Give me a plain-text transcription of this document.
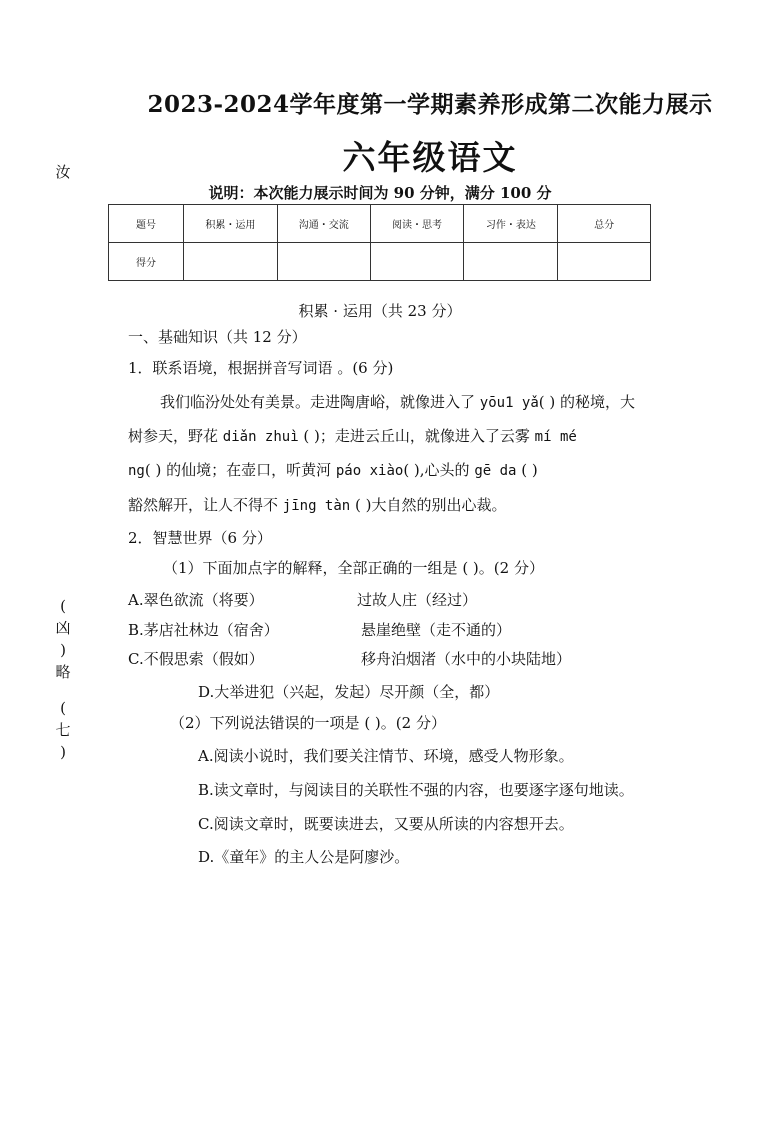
2023-2024学年度第一学期素养形成第二次能力展示
六年级语文
说明：本次能力展示时间为 90 分钟，满分 100 分
汝
(
凶
)
略
(
七
)
题号	积累・运用	沟通・交流	阅读・思考	习作・表达	总分
得分					
积累 · 运用（共 23 分）
一、基础知识（共 12 分）
1．联系语境，根据拼音写词语 。(6 分)
我们临汾处处有美景。走进陶唐峪，就像进入了 yōu1 yǎ( ) 的秘境，大
树参天，野花 diǎn zhuì ( )；走进云丘山，就像进入了云雾 mí mé
ng( ) 的仙境；在壶口，听黄河 páo xiào( ),心头的 gē da ( )
豁然解开，让人不得不 jīng tàn ( )大自然的别出心裁。
2．智慧世界（6 分）
（1）下面加点字的解释，全部正确的一组是 ( )。(2 分）
A.翠色欲流（将要）	过故人庄（经过）
B.茅店社林边（宿舍）	悬崖绝壁（走不通的）
C.不假思索（假如）	移舟泊烟渚（水中的小块陆地）
D.大举进犯（兴起，发起）尽开颜（全，都）
（2）下列说法错误的一项是 ( )。(2 分）
A.阅读小说时，我们要关注情节、环境，感受人物形象。
B.读文章时，与阅读目的关联性不强的内容，也要逐字逐句地读。
C.阅读文章时，既要读进去，又要从所读的内容想开去。
D.《童年》的主人公是阿廖沙。
